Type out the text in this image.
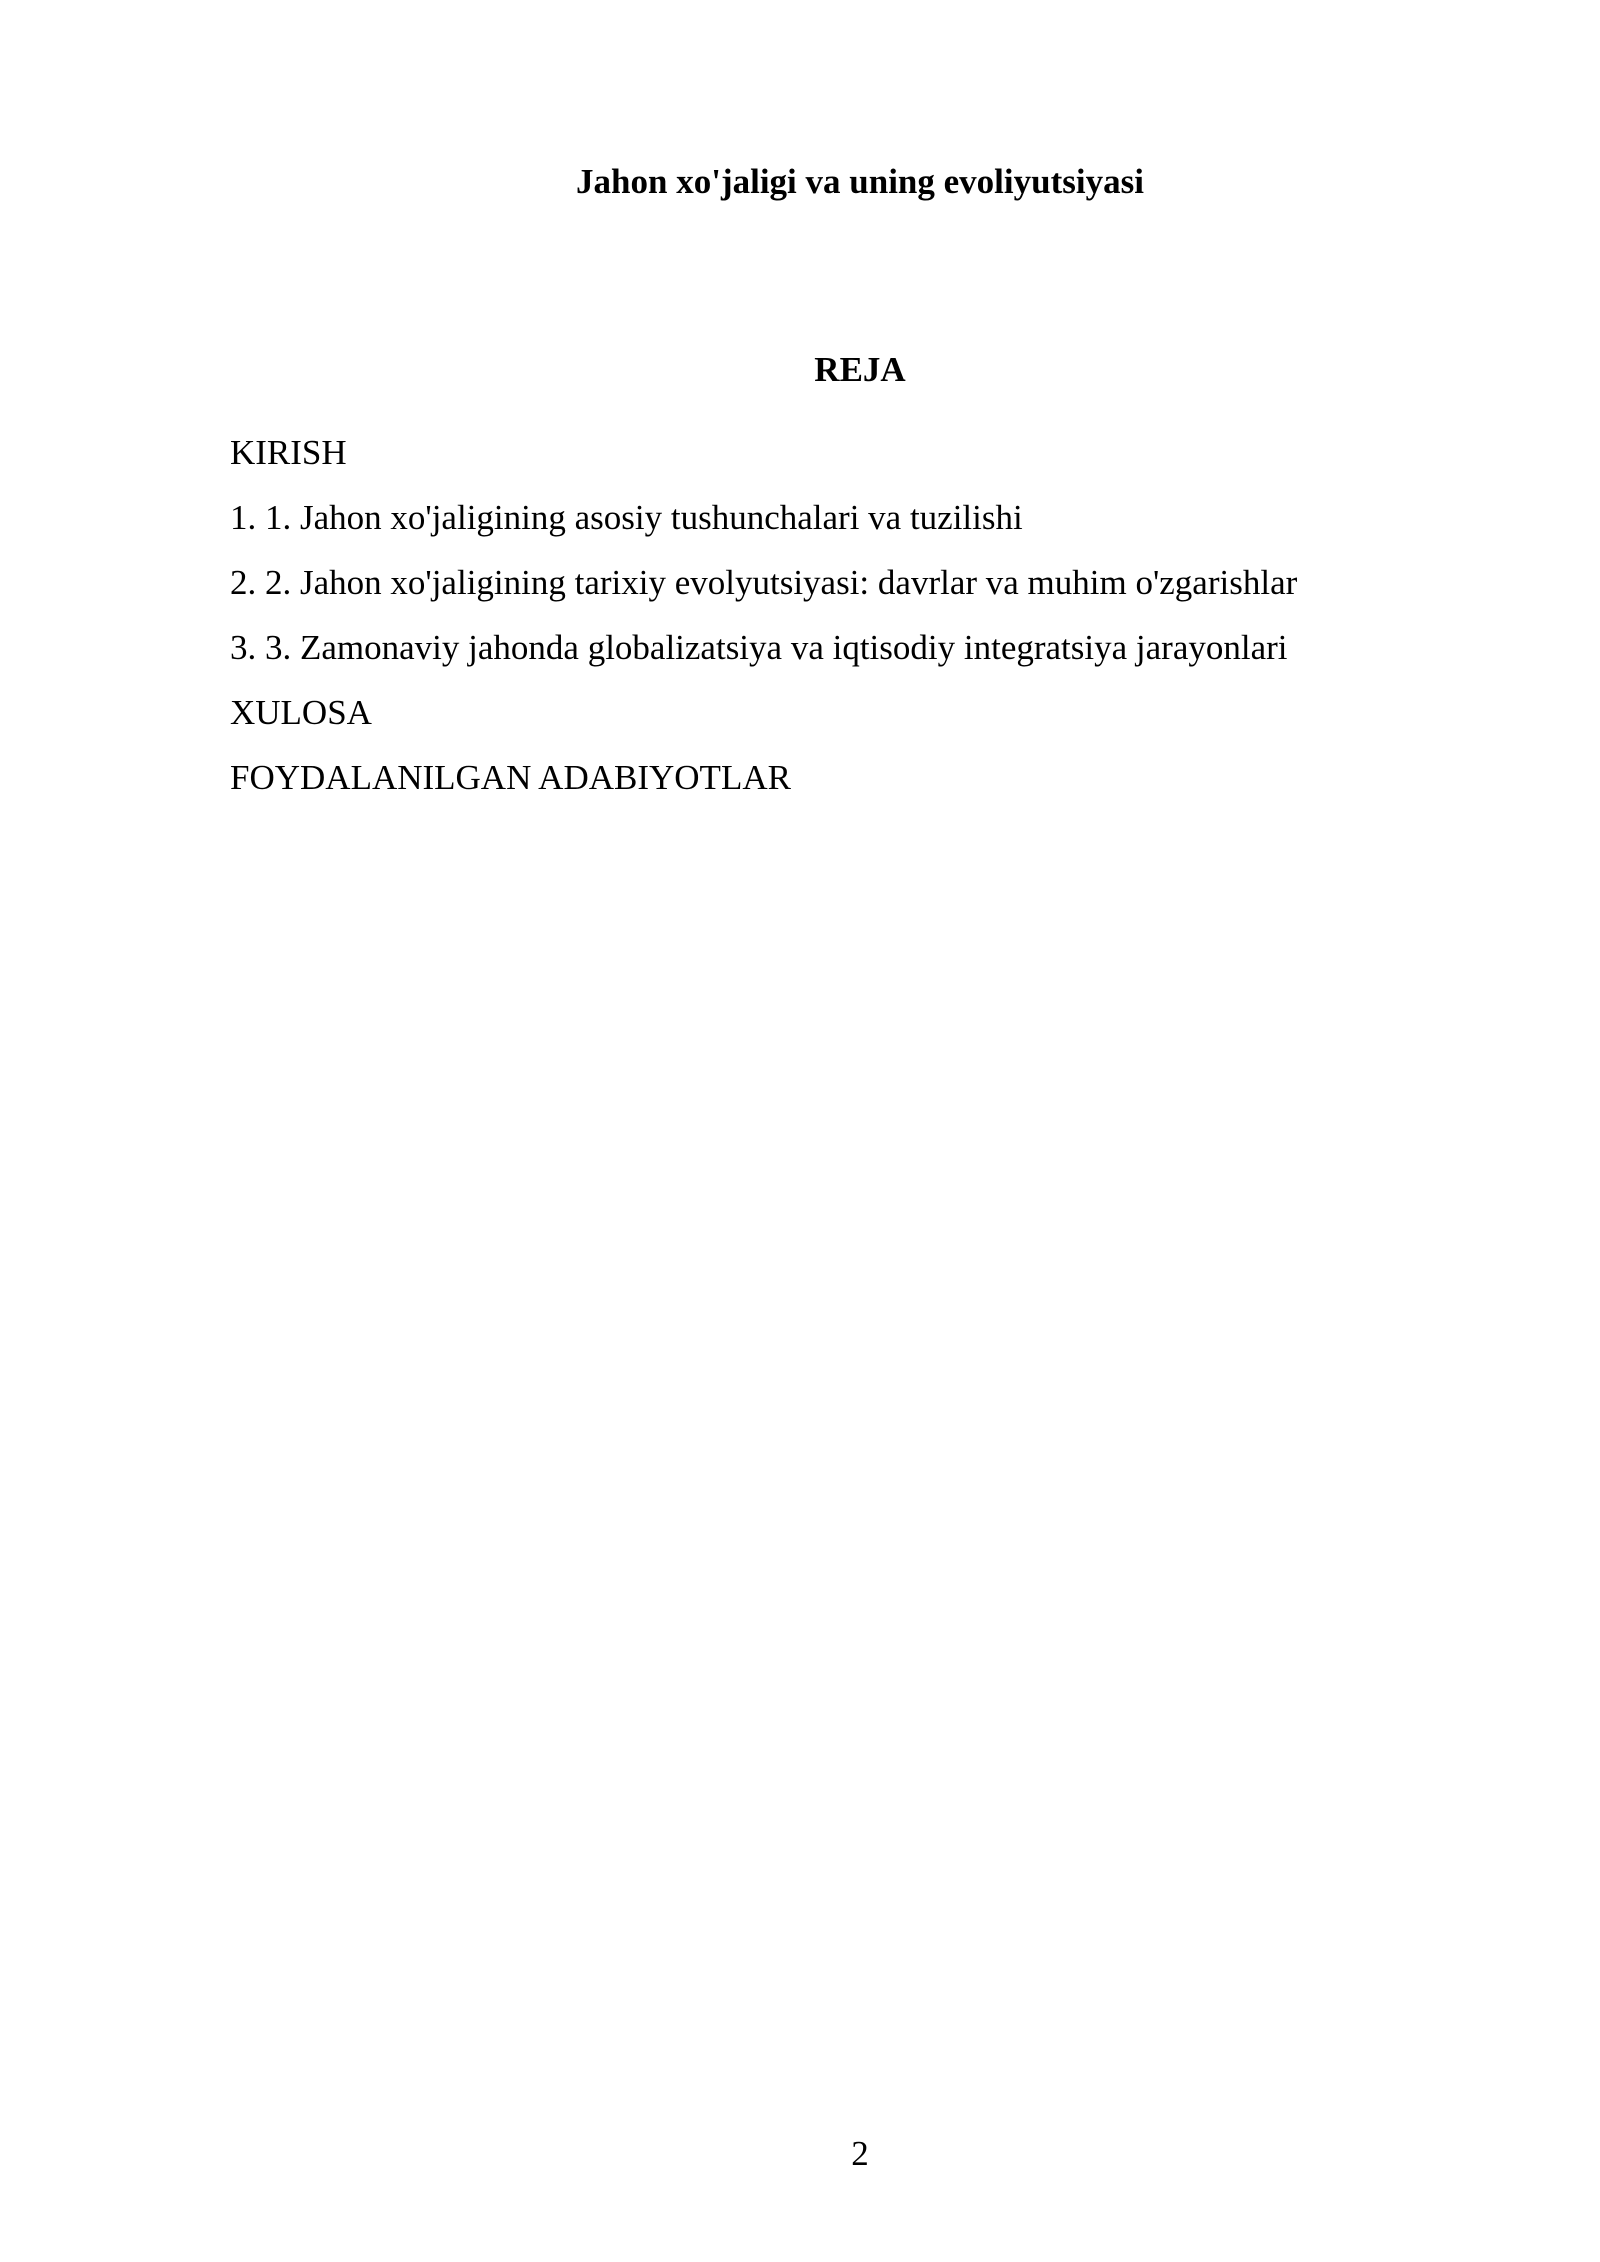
Jahon xo'jaligi va uning evoliyutsiyasi
REJA
KIRISH
1. 1. Jahon xo'jaligining asosiy tushunchalari va tuzilishi
2. 2. Jahon xo'jaligining tarixiy evolyutsiyasi: davrlar va muhim o'zgarishlar
3. 3. Zamonaviy jahonda globalizatsiya va iqtisodiy integratsiya jarayonlari
XULOSA
FOYDALANILGAN ADABIYOTLAR
2
